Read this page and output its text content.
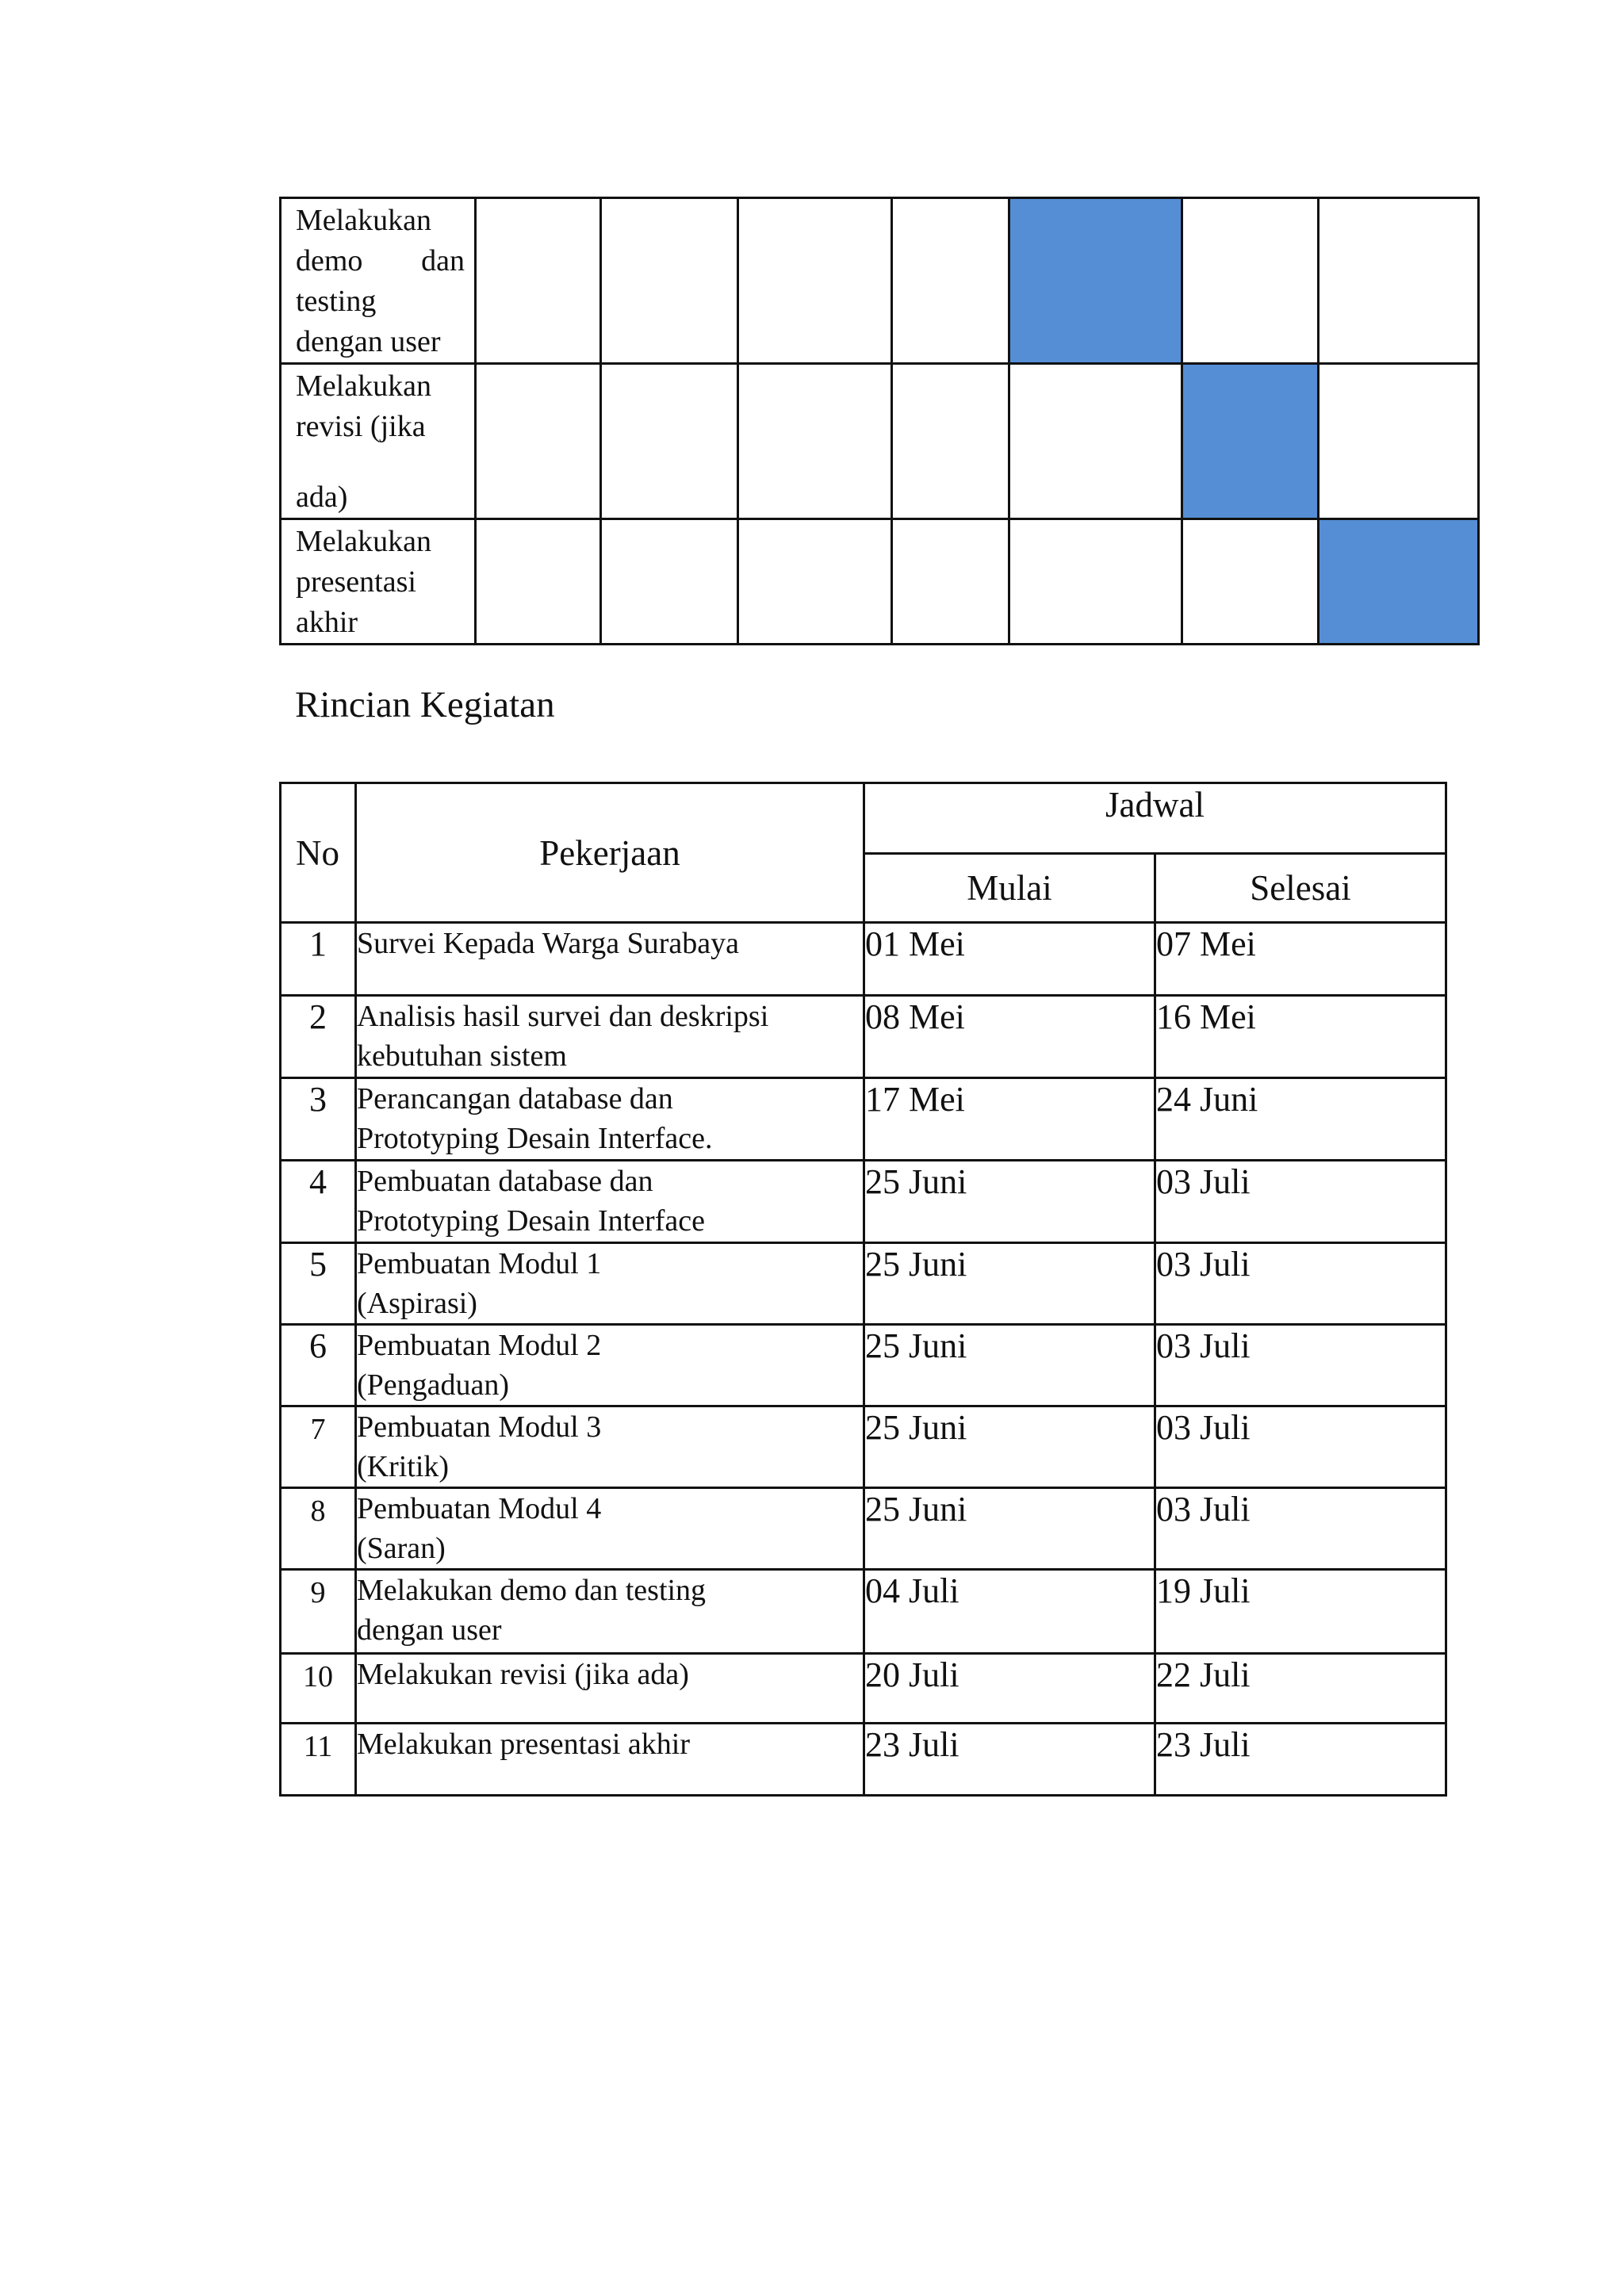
Melakukan
demo dan
testing
dengan user							

Melakukan
revisi (jika
ada)							

Melakukan
presentasi
akhir							

Rincian Kegiatan
No	Pekerjaan	Jadwal	
		Mulai	Selesai
1	Survei Kepada Warga Surabaya	01 Mei	07 Mei
2	Analisis hasil survei dan deskripsi
kebutuhan sistem	08 Mei	16 Mei
3	Perancangan database dan
Prototyping Desain Interface.	17 Mei	24 Juni
4	Pembuatan database dan
Prototyping Desain Interface	25 Juni	03 Juli
5	Pembuatan Modul 1
(Aspirasi)	25 Juni	03 Juli
6	Pembuatan Modul 2
(Pengaduan)	25 Juni	03 Juli
7	Pembuatan Modul 3
(Kritik)	25 Juni	03 Juli
8	Pembuatan Modul 4
(Saran)	25 Juni	03 Juli
9	Melakukan demo dan testing
dengan user	04 Juli	19 Juli
10	Melakukan revisi (jika ada)	20 Juli	22 Juli
11	Melakukan presentasi akhir	23 Juli	23 Juli
